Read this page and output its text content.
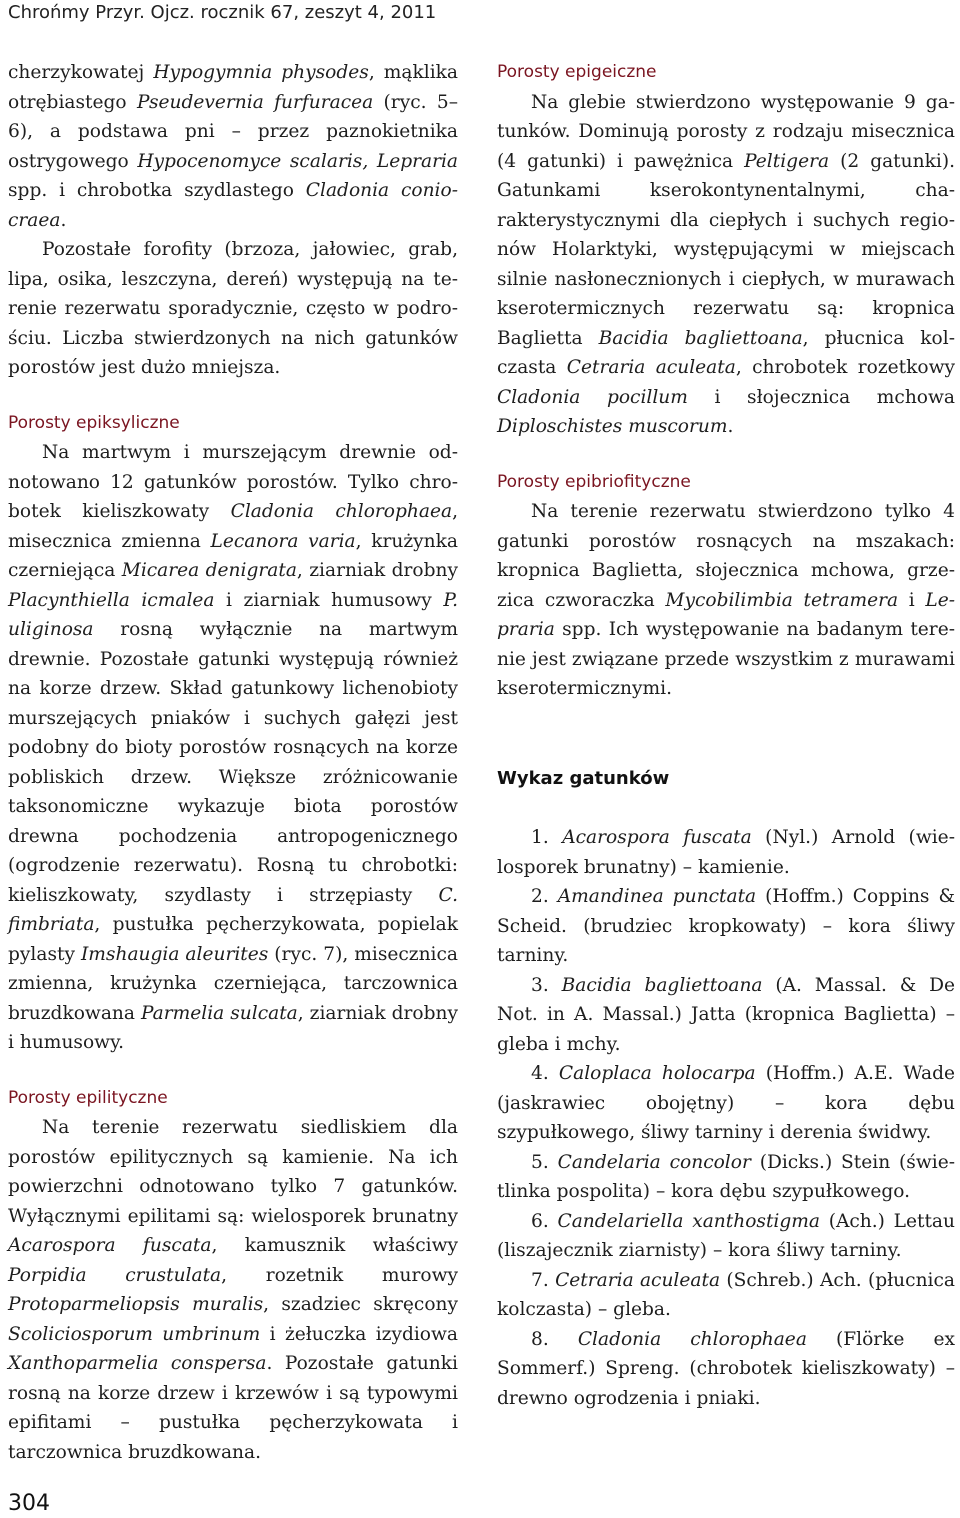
Chrońmy Przyr. Ojcz. rocznik 67, zeszyt 4, 2011

cherzykowatej Hypogymnia physodes, mąklika otrębiastego Pseudevernia furfuracea (ryc. 5–6), a podstawa pni – przez paznokietnika ostrygowego Hypocenomyce scalaris, Lepraria spp. i chrobotka szydlastego Cladonia coniocraea.

Pozostałe forofity (brzoza, jałowiec, grab, lipa, osika, leszczyna, dereń) występują na terenie rezerwatu sporadycznie, często w podrościu. Liczba stwierdzonych na nich gatunków porostów jest dużo mniejsza.

Porosty epiksyliczne

Na martwym i murszejącym drewnie odnotowano 12 gatunków porostów. Tylko chrobotek kieliszkowaty Cladonia chlorophaea, misecznica zmienna Lecanora varia, krużynka czerniejąca Micarea denigrata, ziarniak drobny Placynthiella icmalea i ziarniak humusowy P. uliginosa rosną wyłącznie na martwym drewnie. Pozostałe gatunki występują również na korze drzew. Skład gatunkowy lichenobioty murszejących pniaków i suchych gałęzi jest podobny do bioty porostów rosnących na korze pobliskich drzew. Większe zróżnicowanie taksonomiczne wykazuje biota porostów drewna pochodzenia antropogenicznego (ogrodzenie rezerwatu). Rosną tu chrobotki: kieliszkowaty, szydlasty i strzępiasty C. fimbriata, pustułka pęcherzykowata, popielak pylasty Imshaugia aleurites (ryc. 7), misecznica zmienna, krużynka czerniejąca, tarczownica bruzdkowana Parmelia sulcata, ziarniak drobny i humusowy.

Porosty epilityczne

Na terenie rezerwatu siedliskiem dla porostów epilitycznych są kamienie. Na ich powierzchni odnotowano tylko 7 gatunków. Wyłącznymi epilitami są: wielosporek brunatny Acarospora fuscata, kamusznik właściwy Porpidia crustulata, rozetnik murowy Protoparmeliopsis muralis, szadziec skręcony Scoliciosporum umbrinum i żełuczka izydiowa Xanthoparmelia conspersa. Pozostałe gatunki rosną na korze drzew i krzewów i są typowymi epifitami – pustułka pęcherzykowata i tarczownica bruzdkowana.

Porosty epigeiczne

Na glebie stwierdzono występowanie 9 gatunków. Dominują porosty z rodzaju misecznica (4 gatunki) i pawężnica Peltigera (2 gatunki). Gatunkami kserokontynentalnymi, charakterystycznymi dla ciepłych i suchych regionów Holarktyki, występującymi w miejscach silnie nasłonecznionych i ciepłych, w murawach kserotermicznych rezerwatu są: kropnica Baglietta Bacidia bagliettoana, płucnica kolczasta Cetraria aculeata, chrobotek rozetkowy Cladonia pocillum i słojecznica mchowa Diploschistes muscorum.

Porosty epibriofityczne

Na terenie rezerwatu stwierdzono tylko 4 gatunki porostów rosnących na mszakach: kropnica Baglietta, słojecznica mchowa, grzezica czworaczka Mycobilimbia tetramera i Lepraria spp. Ich występowanie na badanym terenie jest związane przede wszystkim z murawami kserotermicznymi.

Wykaz gatunków

1. Acarospora fuscata (Nyl.) Arnold (wielosporek brunatny) – kamienie.

2. Amandinea punctata (Hoffm.) Coppins & Scheid. (brudziec kropkowaty) – kora śliwy tarniny.

3. Bacidia bagliettoana (A. Massal. & De Not. in A. Massal.) Jatta (kropnica Baglietta) – gleba i mchy.

4. Caloplaca holocarpa (Hoffm.) A.E. Wade (jaskrawiec obojętny) – kora dębu szypułkowego, śliwy tarniny i derenia świdwy.

5. Candelaria concolor (Dicks.) Stein (świetlinka pospolita) – kora dębu szypułkowego.

6. Candelariella xanthostigma (Ach.) Lettau (liszajecznik ziarnisty) – kora śliwy tarniny.

7. Cetraria aculeata (Schreb.) Ach. (płucnica kolczasta) – gleba.

8. Cladonia chlorophaea (Flörke ex Sommerf.) Spreng. (chrobotek kieliszkowaty) – drewno ogrodzenia i pniaki.

304
